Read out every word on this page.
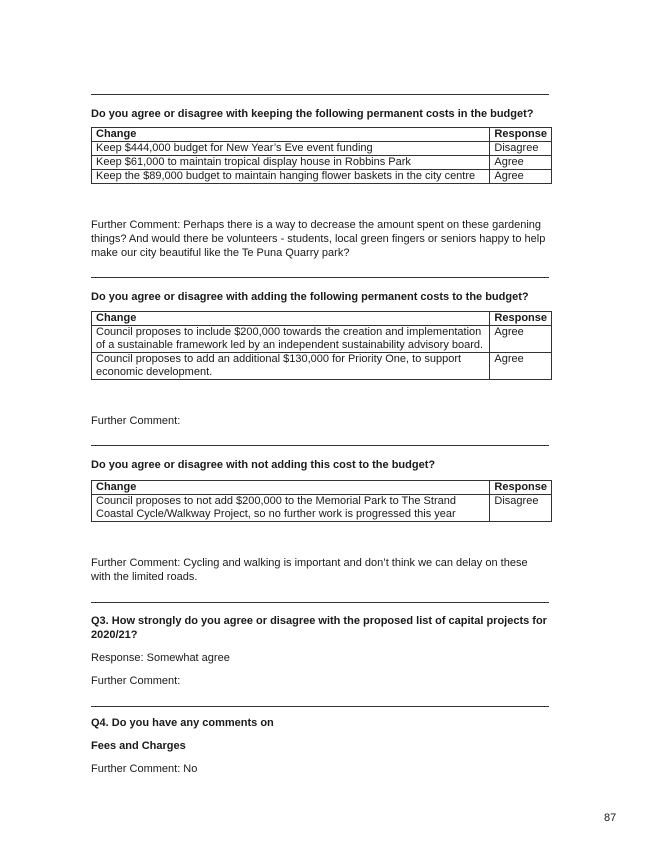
Do you agree or disagree with keeping the following permanent costs in the budget?
Change	Response
Keep $444,000 budget for New Year’s Eve event funding	Disagree
Keep $61,000 to maintain tropical display house in Robbins Park	Agree
Keep the $89,000 budget to maintain hanging flower baskets in the city centre	Agree
Further Comment: Perhaps there is a way to decrease the amount spent on these gardening things? And would there be volunteers - students, local green fingers or seniors happy to help make our city beautiful like the Te Puna Quarry park?
Do you agree or disagree with adding the following permanent costs to the budget?
Change	Response
Council proposes to include $200,000 towards the creation and implementation of a sustainable framework led by an independent sustainability advisory board.	Agree
Council proposes to add an additional $130,000 for Priority One, to support economic development.	Agree
Further Comment:
Do you agree or disagree with not adding this cost to the budget?
Change	Response
Council proposes to not add $200,000 to the Memorial Park to The Strand Coastal Cycle/Walkway Project, so no further work is progressed this year	Disagree
Further Comment: Cycling and walking is important and don’t think we can delay on these with the limited roads.
Q3. How strongly do you agree or disagree with the proposed list of capital projects for 2020/21?
Response: Somewhat agree
Further Comment:
Q4. Do you have any comments on
Fees and Charges
Further Comment: No
87
